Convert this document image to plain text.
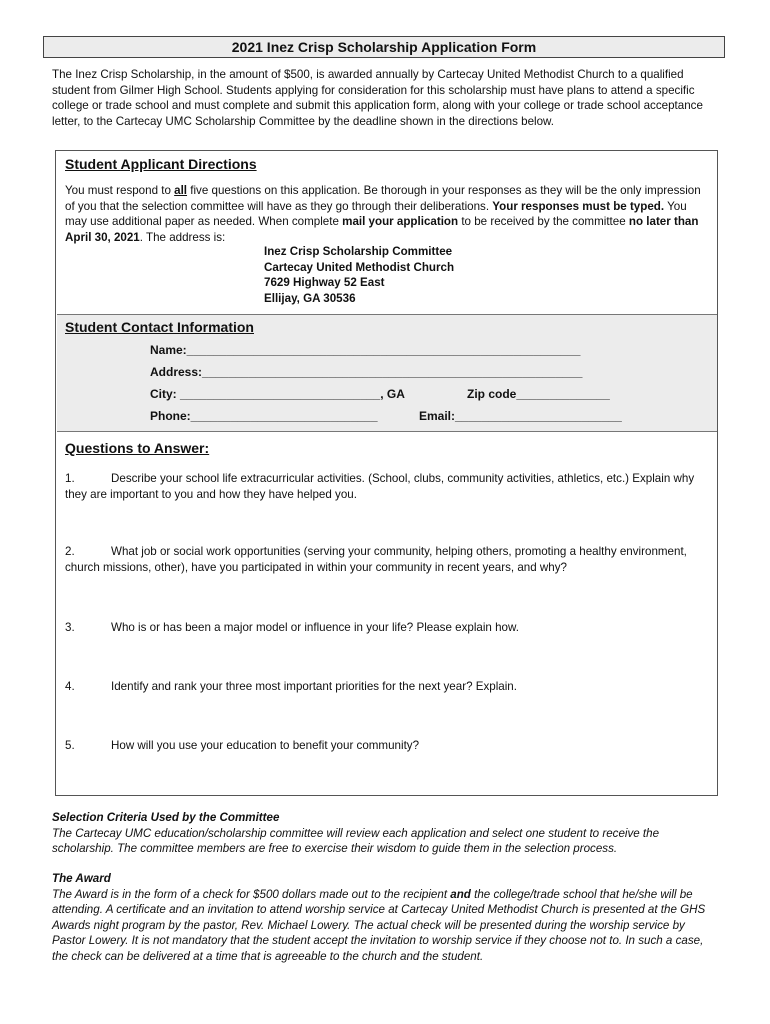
2021 Inez Crisp Scholarship Application Form
The Inez Crisp Scholarship, in the amount of $500, is awarded annually by Cartecay United Methodist Church to a qualified student from Gilmer High School. Students applying for consideration for this scholarship must have plans to attend a specific college or trade school and must complete and submit this application form, along with your college or trade school acceptance letter, to the Cartecay UMC Scholarship Committee by the deadline shown in the directions below.
Student Applicant Directions
You must respond to all five questions on this application. Be thorough in your responses as they will be the only impression of you that the selection committee will have as they go through their deliberations. Your responses must be typed. You may use additional paper as needed. When complete mail your application to be received by the committee no later than April 30, 2021. The address is:
Inez Crisp Scholarship Committee
Cartecay United Methodist Church
7629 Highway 52 East
Ellijay, GA 30536
Student Contact Information
Name:___________________________________________________________
Address:_________________________________________________________
City: ______________________________, GA	Zip code______________
Phone:____________________________	Email:_________________________
Questions to Answer:
1.	Describe your school life extracurricular activities. (School, clubs, community activities, athletics, etc.) Explain why they are important to you and how they have helped you.
2.	What job or social work opportunities (serving your community, helping others, promoting a healthy environment, church missions, other), have you participated in within your community in recent years, and why?
3.	Who is or has been a major model or influence in your life? Please explain how.
4.	Identify and rank your three most important priorities for the next year? Explain.
5.	How will you use your education to benefit your community?
Selection Criteria Used by the Committee
The Cartecay UMC education/scholarship committee will review each application and select one student to receive the scholarship. The committee members are free to exercise their wisdom to guide them in the selection process.
The Award
The Award is in the form of a check for $500 dollars made out to the recipient and the college/trade school that he/she will be attending. A certificate and an invitation to attend worship service at Cartecay United Methodist Church is presented at the GHS Awards night program by the pastor, Rev. Michael Lowery. The actual check will be presented during the worship service by Pastor Lowery. It is not mandatory that the student accept the invitation to worship service if they choose not to. In such a case, the check can be delivered at a time that is agreeable to the church and the student.
